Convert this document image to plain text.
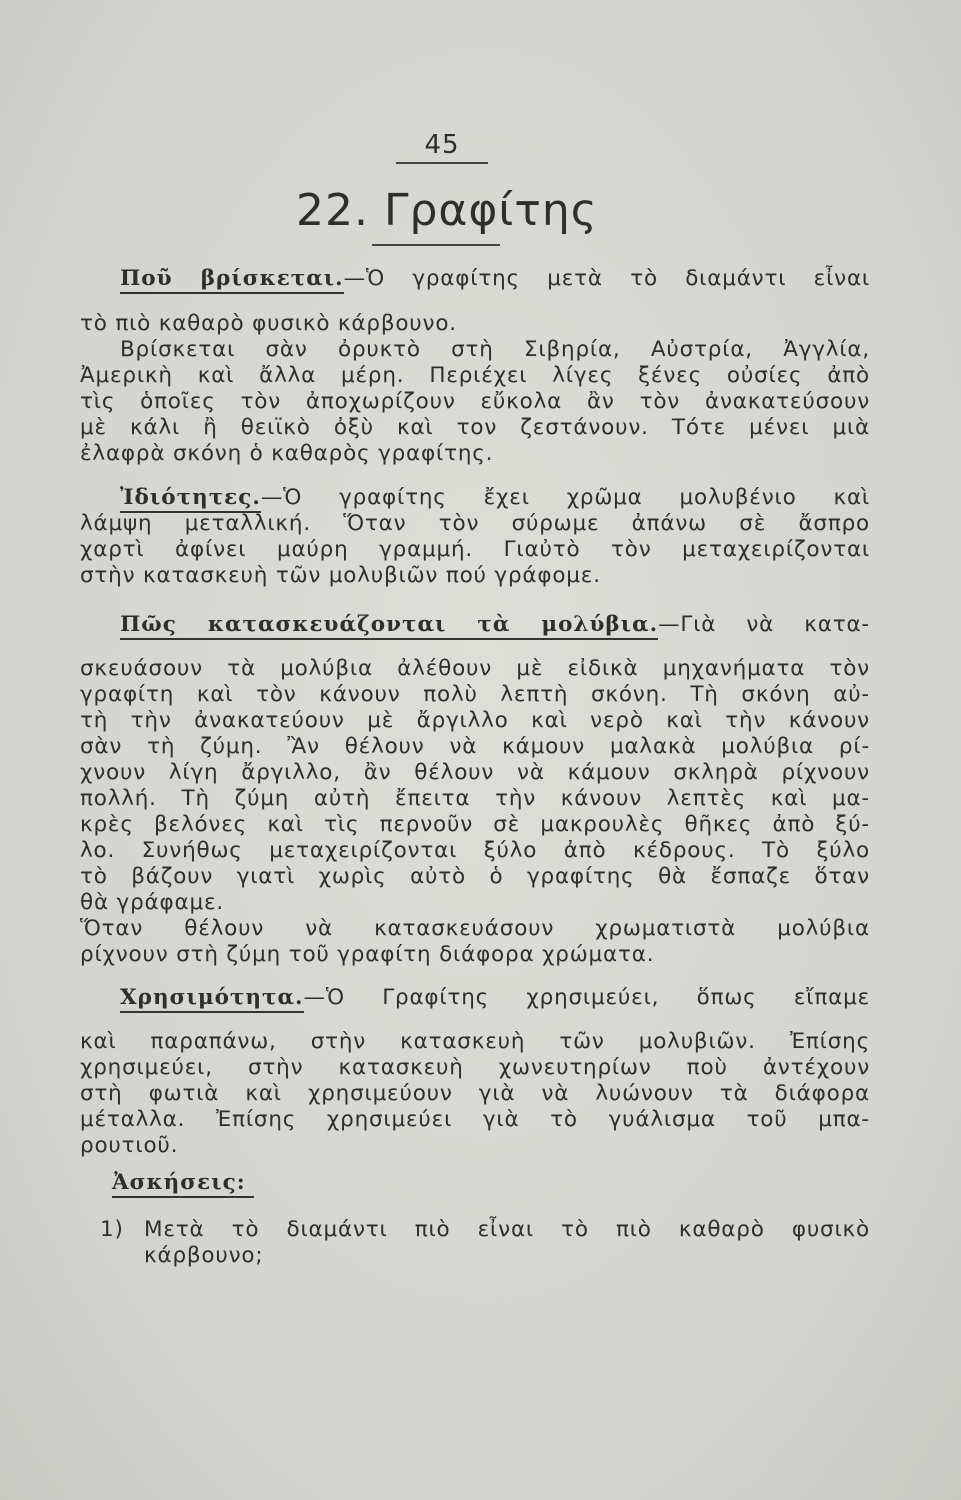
45
22. Γραφίτης
Ποῦ βρίσκεται.—Ὁ γραφίτης μετὰ τὸ διαμάντι εἶναι
τὸ πιὸ καθαρὸ φυσικὸ κάρβουνο.
Βρίσκεται σὰν ὀρυκτὸ στὴ Σιβηρία, Αὐστρία, Ἀγγλία,
Ἀμερικὴ καὶ ἄλλα μέρη. Περιέχει λίγες ξένες οὐσίες ἀπὸ
τὶς ὁποῖες τὸν ἀποχωρίζουν εὔκολα ἂν τὸν ἀνακατεύσουν
μὲ κάλι ἢ θειϊκὸ ὀξὺ καὶ τον ζεστάνουν. Τότε μένει μιὰ
ἐλαφρὰ σκόνη ὁ καθαρὸς γραφίτης.
Ἰδιότητες.—Ὁ γραφίτης ἔχει χρῶμα μολυβένιο καὶ
λάμψη μεταλλική. Ὅταν τὸν σύρωμε ἀπάνω σὲ ἄσπρο
χαρτὶ ἀφίνει μαύρη γραμμή. Γιαὐτὸ τὸν μεταχειρίζονται
στὴν κατασκευὴ τῶν μολυβιῶν πού γράφομε.
Πῶς κατασκευάζονται τὰ μολύβια.—Γιὰ νὰ κατα-
σκευάσουν τὰ μολύβια ἀλέθουν μὲ εἰδικὰ μηχανήματα τὸν
γραφίτη καὶ τὸν κάνουν πολὺ λεπτὴ σκόνη. Τὴ σκόνη αὐ-
τὴ τὴν ἀνακατεύουν μὲ ἄργιλλο καὶ νερὸ καὶ τὴν κάνουν
σὰν τὴ ζύμη. Ἂν θέλουν νὰ κάμουν μαλακὰ μολύβια ρί-
χνουν λίγη ἄργιλλο, ἂν θέλουν νὰ κάμουν σκληρὰ ρίχνουν
πολλή. Τὴ ζύμη αὐτὴ ἔπειτα τὴν κάνουν λεπτὲς καὶ μα-
κρὲς βελόνες καὶ τὶς περνοῦν σὲ μακρουλὲς θῆκες ἀπὸ ξύ-
λο. Συνήθως μεταχειρίζονται ξύλο ἀπὸ κέδρους. Τὸ ξύλο
τὸ βάζουν γιατὶ χωρὶς αὐτὸ ὁ γραφίτης θὰ ἔσπαζε ὅταν
θὰ γράφαμε.
Ὅταν θέλουν νὰ κατασκευάσουν χρωματιστὰ μολύβια
ρίχνουν στὴ ζύμη τοῦ γραφίτη διάφορα χρώματα.
Χρησιμότητα.—Ὁ Γραφίτης χρησιμεύει, ὅπως εἴπαμε
καὶ παραπάνω, στὴν κατασκευὴ τῶν μολυβιῶν. Ἐπίσης
χρησιμεύει, στὴν κατασκευὴ χωνευτηρίων ποὺ ἀντέχουν
στὴ φωτιὰ καὶ χρησιμεύουν γιὰ νὰ λυώνουν τὰ διάφορα
μέταλλα. Ἐπίσης χρησιμεύει γιὰ τὸ γυάλισμα τοῦ μπα-
ρουτιοῦ.
Ἀσκήσεις:
1) Μετὰ τὸ διαμάντι πιὸ εἶναι τὸ πιὸ καθαρὸ φυσικὸ
κάρβουνο;
